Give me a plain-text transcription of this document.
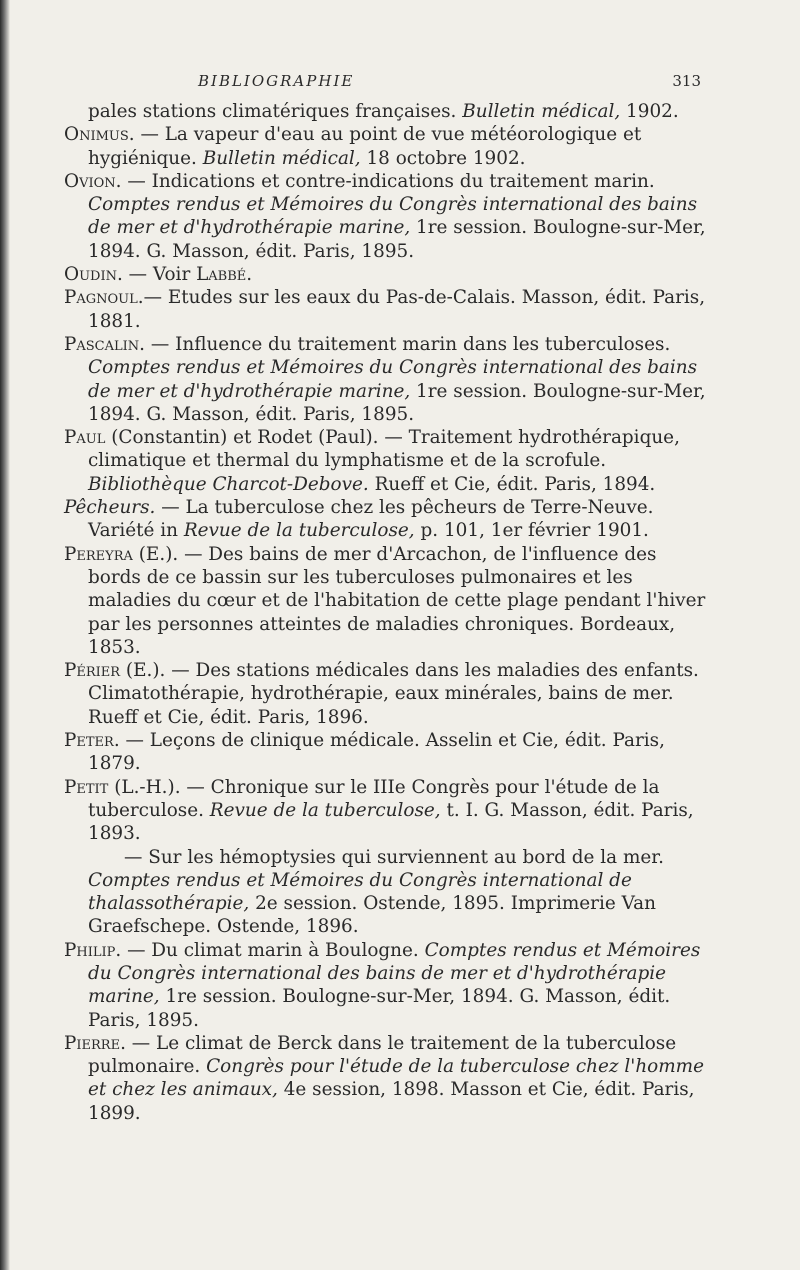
BIBLIOGRAPHIE	313

pales stations climatériques françaises. Bulletin médical, 1902.

Onimus. — La vapeur d'eau au point de vue météorologique et hygiénique. Bulletin médical, 18 octobre 1902.

Ovion. — Indications et contre-indications du traitement marin. Comptes rendus et Mémoires du Congrès international des bains de mer et d'hydrothérapie marine, 1re session. Boulogne-sur-Mer, 1894. G. Masson, édit. Paris, 1895.

Oudin. — Voir Labbé.

Pagnoul.— Etudes sur les eaux du Pas-de-Calais. Masson, édit. Paris, 1881.

Pascalin. — Influence du traitement marin dans les tuberculoses. Comptes rendus et Mémoires du Congrès international des bains de mer et d'hydrothérapie marine, 1re session. Boulogne-sur-Mer, 1894. G. Masson, édit. Paris, 1895.

Paul (Constantin) et Rodet (Paul). — Traitement hydrothérapique, climatique et thermal du lymphatisme et de la scrofule. Bibliothèque Charcot-Debove. Rueff et Cie, édit. Paris, 1894.

Pêcheurs. — La tuberculose chez les pêcheurs de Terre-Neuve. Variété in Revue de la tuberculose, p. 101, 1er février 1901.

Pereyra (E.). — Des bains de mer d'Arcachon, de l'influence des bords de ce bassin sur les tuberculoses pulmonaires et les maladies du cœur et de l'habitation de cette plage pendant l'hiver par les personnes atteintes de maladies chroniques. Bordeaux, 1853.

Périer (E.). — Des stations médicales dans les maladies des enfants. Climatothérapie, hydrothérapie, eaux minérales, bains de mer. Rueff et Cie, édit. Paris, 1896.

Peter. — Leçons de clinique médicale. Asselin et Cie, édit. Paris, 1879.

Petit (L.-H.). — Chronique sur le IIIe Congrès pour l'étude de la tuberculose. Revue de la tuberculose, t. I. G. Masson, édit. Paris, 1893.

— Sur les hémoptysies qui surviennent au bord de la mer. Comptes rendus et Mémoires du Congrès international de thalassothérapie, 2e session. Ostende, 1895. Imprimerie Van Graefschepe. Ostende, 1896.

Philip. — Du climat marin à Boulogne. Comptes rendus et Mémoires du Congrès international des bains de mer et d'hydrothérapie marine, 1re session. Boulogne-sur-Mer, 1894. G. Masson, édit. Paris, 1895.

Pierre. — Le climat de Berck dans le traitement de la tuberculose pulmonaire. Congrès pour l'étude de la tuberculose chez l'homme et chez les animaux, 4e session, 1898. Masson et Cie, édit. Paris, 1899.
